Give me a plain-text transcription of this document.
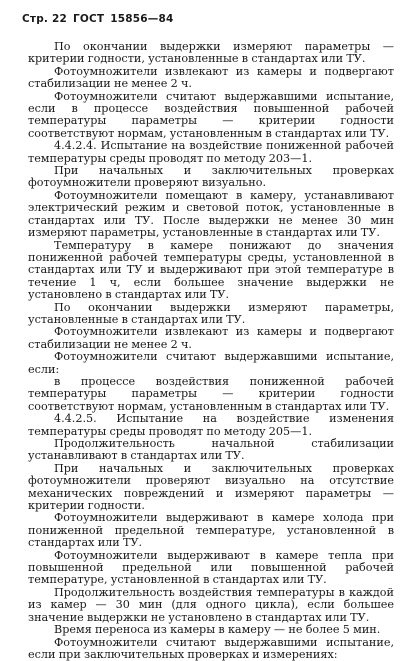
Стр. 22 ГОСТ 15856—84

По окончании выдержки измеряют параметры — критерии годности, установленные в стандартах или ТУ.

Фотоумножители извлекают из камеры и подвергают стабилизации не менее 2 ч.

Фотоумножители считают выдержавшими испытание, если в процессе воздействия повышенной рабочей температуры параметры — критерии годности соответствуют нормам, установленным в стандартах или ТУ.

4.4.2.4. Испытание на воздействие пониженной рабочей температуры среды проводят по методу 203—1.

При начальных и заключительных проверках фотоумножители проверяют визуально.

Фотоумножители помещают в камеру, устанавливают электрический режим и световой поток, установленные в стандартах или ТУ. После выдержки не менее 30 мин измеряют параметры, установленные в стандартах или ТУ.

Температуру в камере понижают до значения пониженной рабочей температуры среды, установленной в стандартах или ТУ и выдерживают при этой температуре в течение 1 ч, если большее значение выдержки не установлено в стандартах или ТУ.

По окончании выдержки измеряют параметры, установленные в стандартах или ТУ.

Фотоумножители извлекают из камеры и подвергают стабилизации не менее 2 ч.

Фотоумножители считают выдержавшими испытание, если:

в процессе воздействия пониженной рабочей температуры параметры — критерии годности соответствуют нормам, установленным в стандартах или ТУ.

4.4.2.5. Испытание на воздействие изменения температуры среды проводят по методу 205—1.

Продолжительность начальной стабилизации устанавливают в стандартах или ТУ.

При начальных и заключительных проверках фотоумножители проверяют визуально на отсутствие механических повреждений и измеряют параметры — критерии годности.

Фотоумножители выдерживают в камере холода при пониженной предельной температуре, установленной в стандартах или ТУ.

Фотоумножители выдерживают в камере тепла при повышенной предельной или повышенной рабочей температуре, установленной в стандартах или ТУ.

Продолжительность воздействия температуры в каждой из камер — 30 мин (для одного цикла), если большее значение выдержки не установлено в стандартах или ТУ.

Время переноса из камеры в камеру — не более 5 мин.

Фотоумножители считают выдержавшими испытание, если при заключительных проверках и измерениях:
